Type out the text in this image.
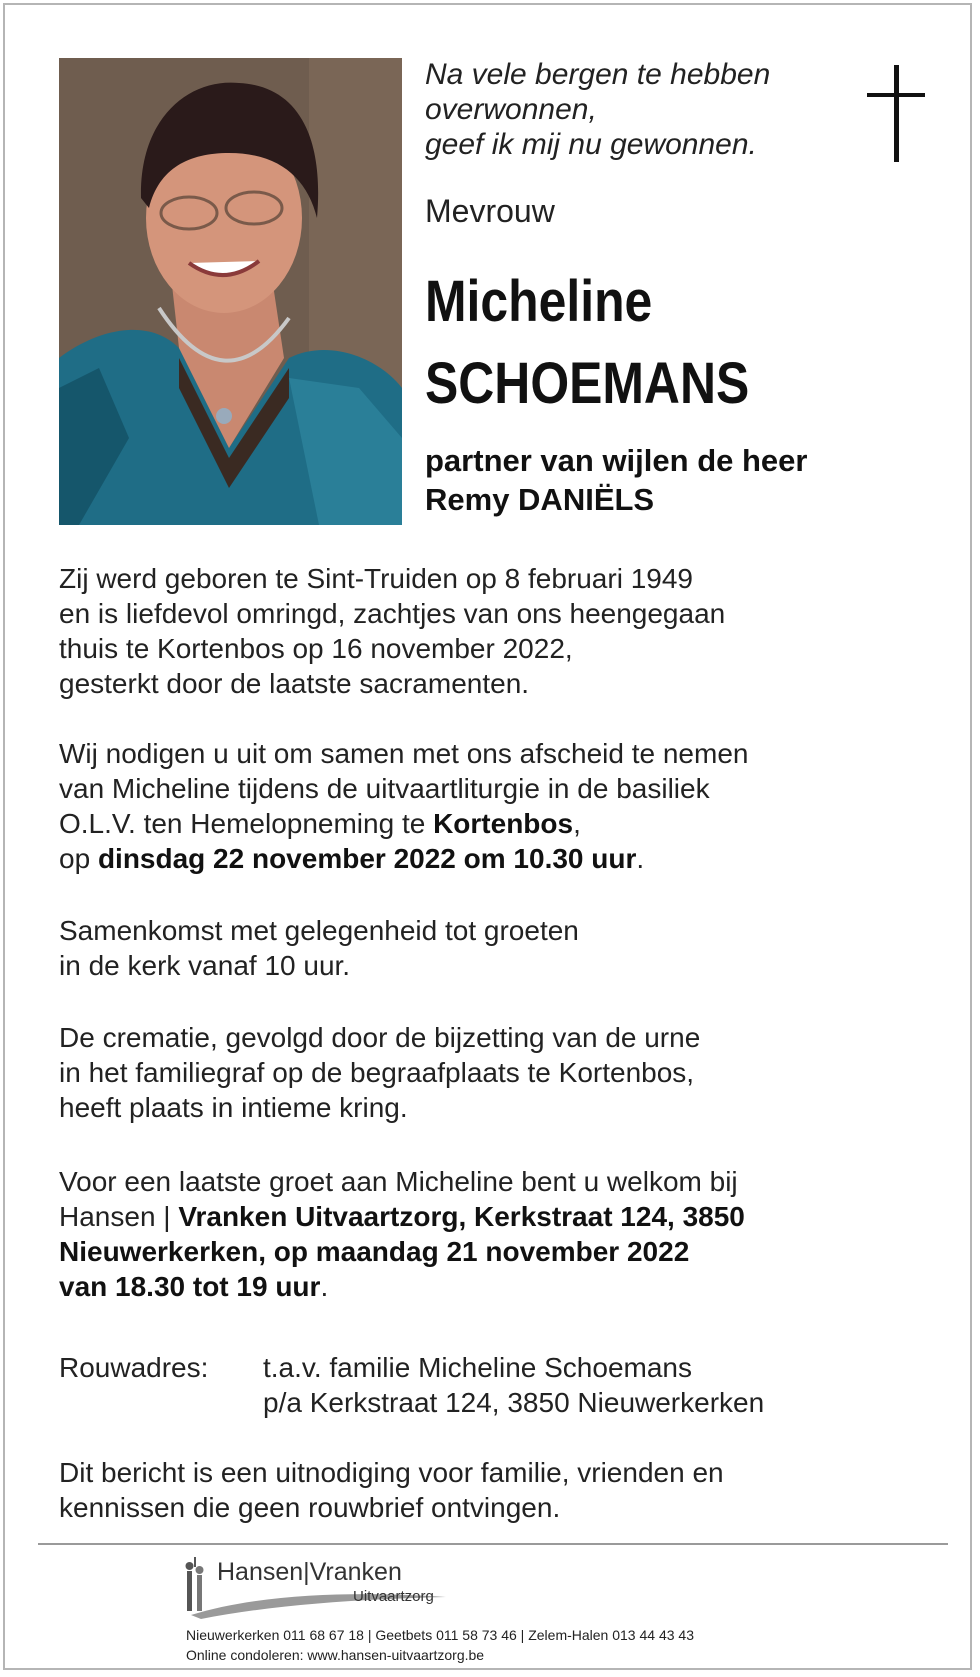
Na vele bergen te hebben
overwonnen,
geef ik mij nu gewonnen.
Mevrouw
Micheline
SCHOEMANS
partner van wijlen de heer
Remy DANIËLS
Zij werd geboren te Sint-Truiden op 8 februari 1949
en is liefdevol omringd, zachtjes van ons heengegaan
thuis te Kortenbos op 16 november 2022,
gesterkt door de laatste sacramenten.
Wij nodigen u uit om samen met ons afscheid te nemen
van Micheline tijdens de uitvaartliturgie in de basiliek
O.L.V. ten Hemelopneming te Kortenbos,
op dinsdag 22 november 2022 om 10.30 uur.
Samenkomst met gelegenheid tot groeten
in de kerk vanaf 10 uur.
De crematie, gevolgd door de bijzetting van de urne
in het familiegraf op de begraafplaats te Kortenbos,
heeft plaats in intieme kring.
Voor een laatste groet aan Micheline bent u welkom bij
Hansen | Vranken Uitvaartzorg, Kerkstraat 124, 3850
Nieuwerkerken, op maandag 21 november 2022
van 18.30 tot 19 uur.
Rouwadres: t.a.v. familie Micheline Schoemans
p/a Kerkstraat 124, 3850 Nieuwerkerken
Dit bericht is een uitnodiging voor familie, vrienden en
kennissen die geen rouwbrief ontvingen.
Hansen|Vranken
Uitvaartzorg
Nieuwerkerken 011 68 67 18 | Geetbets 011 58 73 46 | Zelem-Halen 013 44 43 43
Online condoleren: www.hansen-uitvaartzorg.be
